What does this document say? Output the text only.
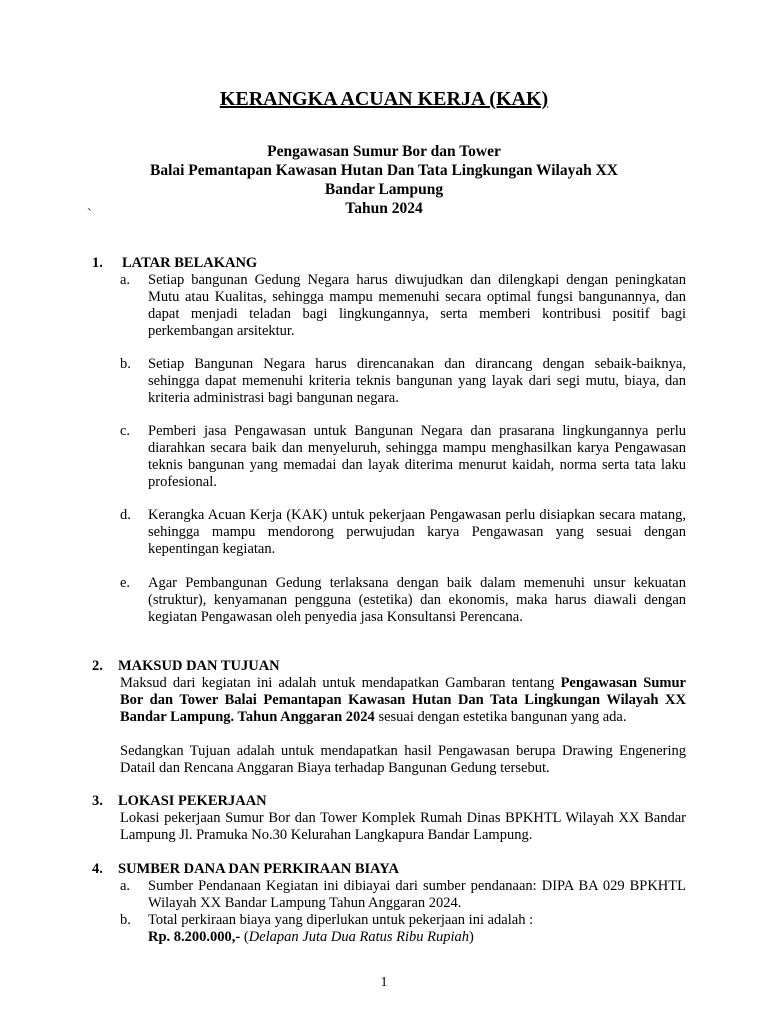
KERANGKA ACUAN KERJA (KAK)
Pengawasan Sumur Bor dan Tower
Balai Pemantapan Kawasan Hutan Dan Tata Lingkungan Wilayah XX
Bandar Lampung
Tahun 2024
`
1. LATAR BELAKANG
a. Setiap bangunan Gedung Negara harus diwujudkan dan dilengkapi dengan peningkatan Mutu atau Kualitas, sehingga mampu memenuhi secara optimal fungsi bangunannya, dan dapat menjadi teladan bagi lingkungannya, serta memberi kontribusi positif bagi perkembangan arsitektur.
b. Setiap Bangunan Negara harus direncanakan dan dirancang dengan sebaik-baiknya, sehingga dapat memenuhi kriteria teknis bangunan yang layak dari segi mutu, biaya, dan kriteria administrasi bagi bangunan negara.
c. Pemberi jasa Pengawasan untuk Bangunan Negara dan prasarana lingkungannya perlu diarahkan secara baik dan menyeluruh, sehingga mampu menghasilkan karya Pengawasan teknis bangunan yang memadai dan layak diterima menurut kaidah, norma serta tata laku profesional.
d. Kerangka Acuan Kerja (KAK) untuk pekerjaan Pengawasan perlu disiapkan secara matang, sehingga mampu mendorong perwujudan karya Pengawasan yang sesuai dengan kepentingan kegiatan.
e. Agar Pembangunan Gedung terlaksana dengan baik dalam memenuhi unsur kekuatan (struktur), kenyamanan pengguna (estetika) dan ekonomis, maka harus diawali dengan kegiatan Pengawasan oleh penyedia jasa Konsultansi Perencana.
2. MAKSUD DAN TUJUAN
Maksud dari kegiatan ini adalah untuk mendapatkan Gambaran tentang Pengawasan Sumur Bor dan Tower Balai Pemantapan Kawasan Hutan Dan Tata Lingkungan Wilayah XX Bandar Lampung. Tahun Anggaran 2024 sesuai dengan estetika bangunan yang ada.
Sedangkan Tujuan adalah untuk mendapatkan hasil Pengawasan berupa Drawing Engenering Datail dan Rencana Anggaran Biaya terhadap Bangunan Gedung tersebut.
3. LOKASI PEKERJAAN
Lokasi pekerjaan Sumur Bor dan Tower Komplek Rumah Dinas BPKHTL Wilayah XX Bandar Lampung Jl. Pramuka No.30 Kelurahan Langkapura Bandar Lampung.
4. SUMBER DANA DAN PERKIRAAN BIAYA
a. Sumber Pendanaan Kegiatan ini dibiayai dari sumber pendanaan: DIPA BA 029 BPKHTL Wilayah XX Bandar Lampung Tahun Anggaran 2024.
b. Total perkiraan biaya yang diperlukan untuk pekerjaan ini adalah :
Rp. 8.200.000,- (Delapan Juta Dua Ratus Ribu Rupiah)
1
